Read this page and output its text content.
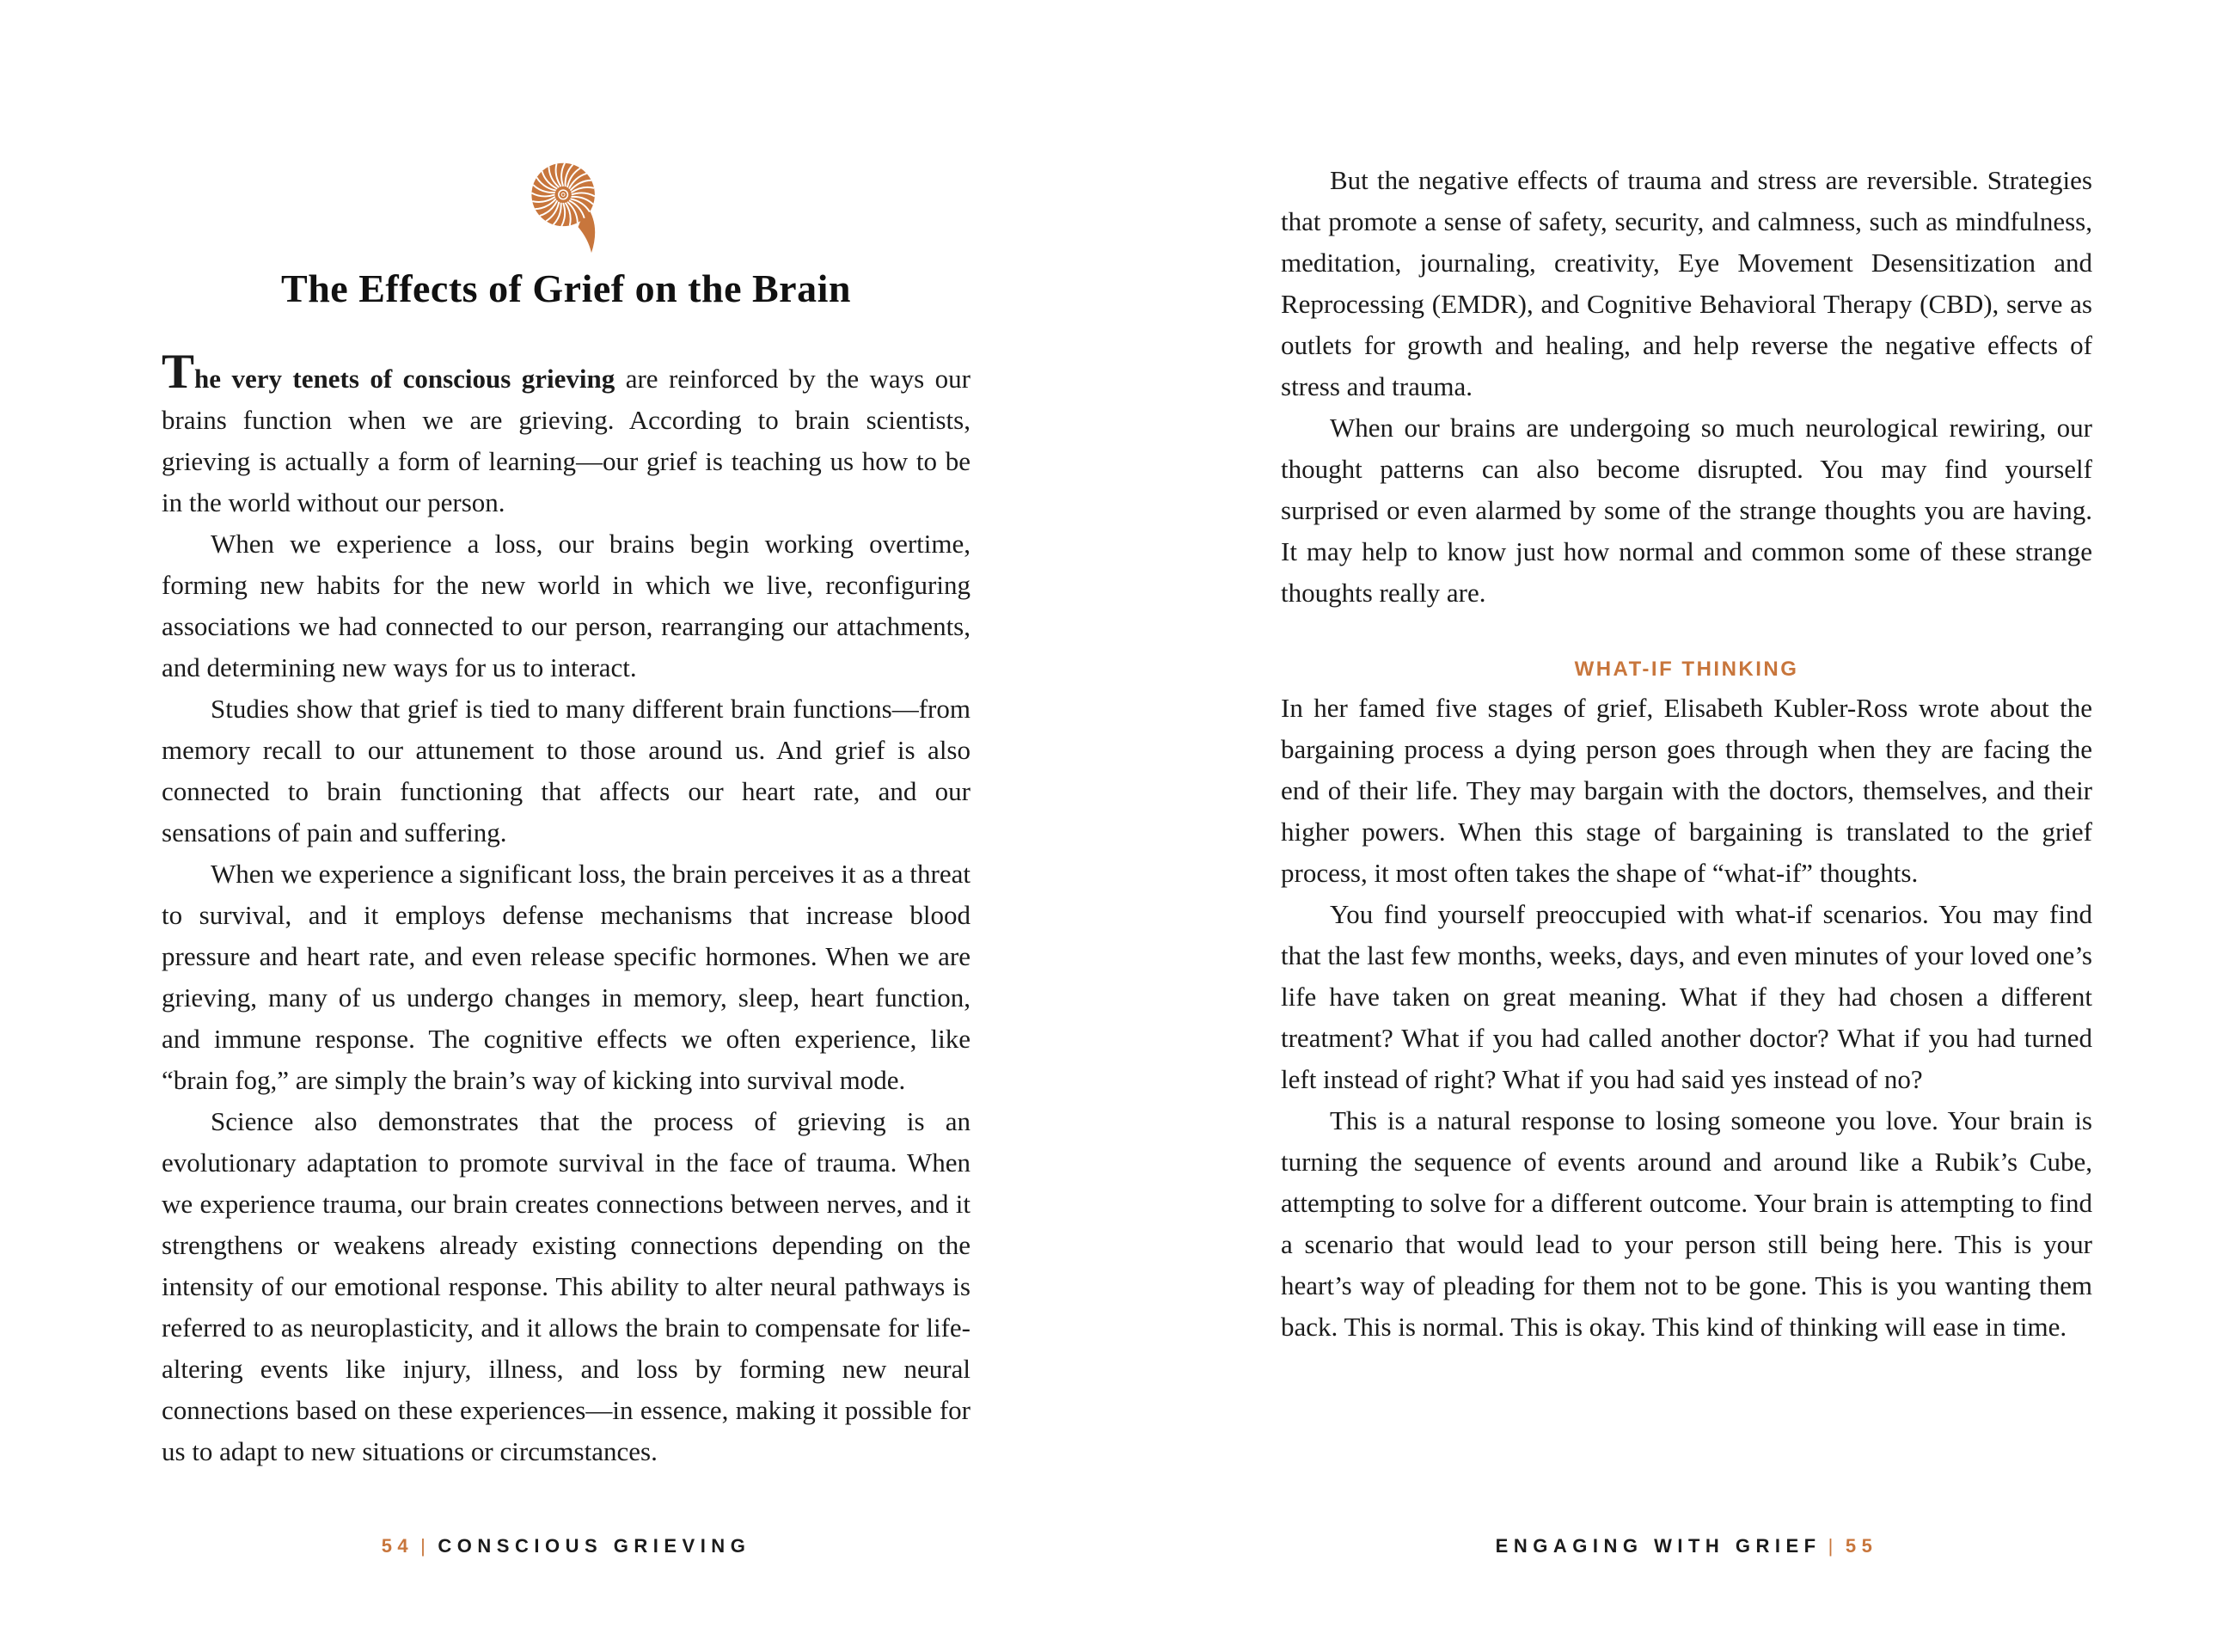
The Effects of Grief on the Brain

The very tenets of conscious grieving are reinforced by the ways our brains function when we are grieving. According to brain scientists, grieving is actually a form of learning—our grief is teaching us how to be in the world without our person.

When we experience a loss, our brains begin working overtime, forming new habits for the new world in which we live, reconfiguring associations we had connected to our person, rearranging our attachments, and determining new ways for us to interact.

Studies show that grief is tied to many different brain functions—from memory recall to our attunement to those around us. And grief is also connected to brain functioning that affects our heart rate, and our sensations of pain and suffering.

When we experience a significant loss, the brain perceives it as a threat to survival, and it employs defense mechanisms that increase blood pressure and heart rate, and even release specific hormones. When we are grieving, many of us undergo changes in memory, sleep, heart function, and immune response. The cognitive effects we often experience, like “brain fog,” are simply the brain’s way of kicking into survival mode.

Science also demonstrates that the process of grieving is an evolutionary adaptation to promote survival in the face of trauma. When we experience trauma, our brain creates connections between nerves, and it strengthens or weakens already existing connections depending on the intensity of our emotional response. This ability to alter neural pathways is referred to as neuroplasticity, and it allows the brain to compensate for life-altering events like injury, illness, and loss by forming new neural connections based on these experiences—in essence, making it possible for us to adapt to new situations or circumstances.

But the negative effects of trauma and stress are reversible. Strategies that promote a sense of safety, security, and calmness, such as mindfulness, meditation, journaling, creativity, Eye Movement Desensitization and Reprocessing (EMDR), and Cognitive Behavioral Therapy (CBD), serve as outlets for growth and healing, and help reverse the negative effects of stress and trauma.

When our brains are undergoing so much neurological rewiring, our thought patterns can also become disrupted. You may find yourself surprised or even alarmed by some of the strange thoughts you are having. It may help to know just how normal and common some of these strange thoughts really are.

WHAT-IF THINKING

In her famed five stages of grief, Elisabeth Kubler-Ross wrote about the bargaining process a dying person goes through when they are facing the end of their life. They may bargain with the doctors, themselves, and their higher powers. When this stage of bargaining is translated to the grief process, it most often takes the shape of “what-if” thoughts.

You find yourself preoccupied with what-if scenarios. You may find that the last few months, weeks, days, and even minutes of your loved one’s life have taken on great meaning. What if they had chosen a different treatment? What if you had called another doctor? What if you had turned left instead of right? What if you had said yes instead of no?

This is a natural response to losing someone you love. Your brain is turning the sequence of events around and around like a Rubik’s Cube, attempting to solve for a different outcome. Your brain is attempting to find a scenario that would lead to your person still being here. This is your heart’s way of pleading for them not to be gone. This is you wanting them back. This is normal. This is okay. This kind of thinking will ease in time.

54 | CONSCIOUS GRIEVING	ENGAGING WITH GRIEF | 55
